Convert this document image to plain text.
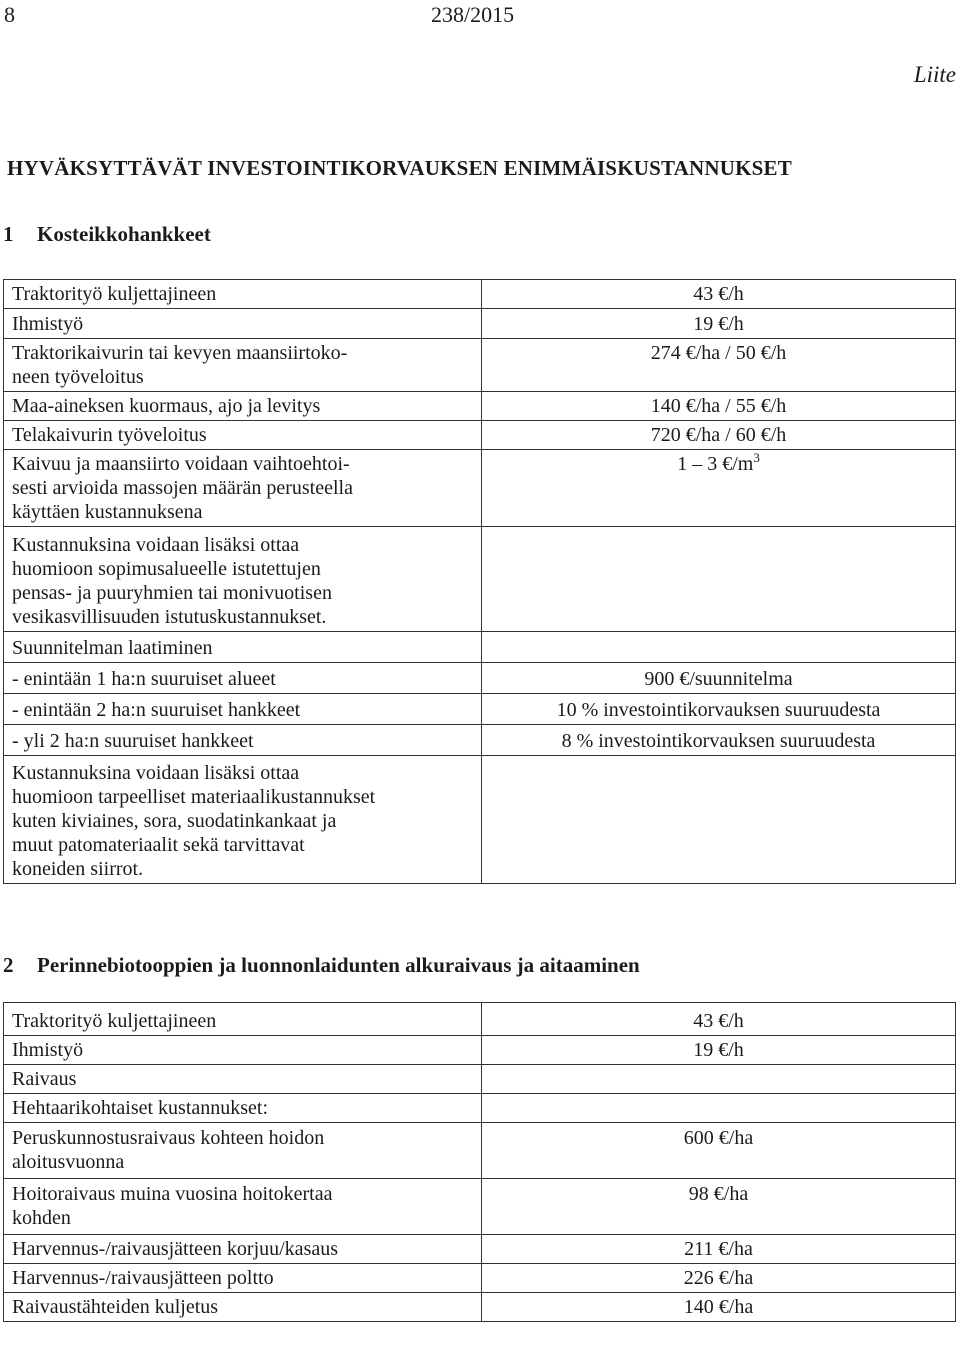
8	238/2015
Liite
HYVÄKSYTTÄVÄT INVESTOINTIKORVAUKSEN ENIMMÄISKUSTANNUKSET
1 Kosteikkohankkeet
Traktorityö kuljettajineen	43 €/h

Ihmistyö	19 €/h

Traktorikaivurin tai kevyen maansiirtoko-
neen työveloitus	274 €/ha / 50 €/h

Maa-aineksen kuormaus, ajo ja levitys	140 €/ha / 55 €/h

Telakaivurin työveloitus	720 €/ha / 60 €/h

Kaivuu ja maansiirto voidaan vaihtoehtoi-
sesti arvioida massojen määrän perusteella
käyttäen kustannuksena	1 – 3 $€/m^3$

Kustannuksina voidaan lisäksi ottaa
huomioon sopimusalueelle istutettujen
pensas- ja puuryhmien tai monivuotisen
vesikasvillisuuden istutuskustannukset.	

Suunnitelman laatiminen	

- enintään 1 ha:n suuruiset alueet	900 €/suunnitelma

- enintään 2 ha:n suuruiset hankkeet	10 % investointikorvauksen suuruudesta

- yli 2 ha:n suuruiset hankkeet	8 % investointikorvauksen suuruudesta

Kustannuksina voidaan lisäksi ottaa
huomioon tarpeelliset materiaalikustannukset
kuten kiviaines, sora, suodatinkankaat ja
muut patomateriaalit sekä tarvittavat
koneiden siirrot.	

2 Perinnebiotooppien ja luonnonlaidunten alkuraivaus ja aitaaminen
Traktorityö kuljettajineen	43 €/h

Ihmistyö	19 €/h

Raivaus	

Hehtaarikohtaiset kustannukset:	

Peruskunnostusraivaus kohteen hoidon
aloitusvuonna	600 €/ha

Hoitoraivaus muina vuosina hoitokertaa
kohden	98 €/ha

Harvennus-/raivausjätteen korjuu/kasaus	211 €/ha

Harvennus-/raivausjätteen poltto	226 €/ha

Raivaustähteiden kuljetus	140 €/ha
